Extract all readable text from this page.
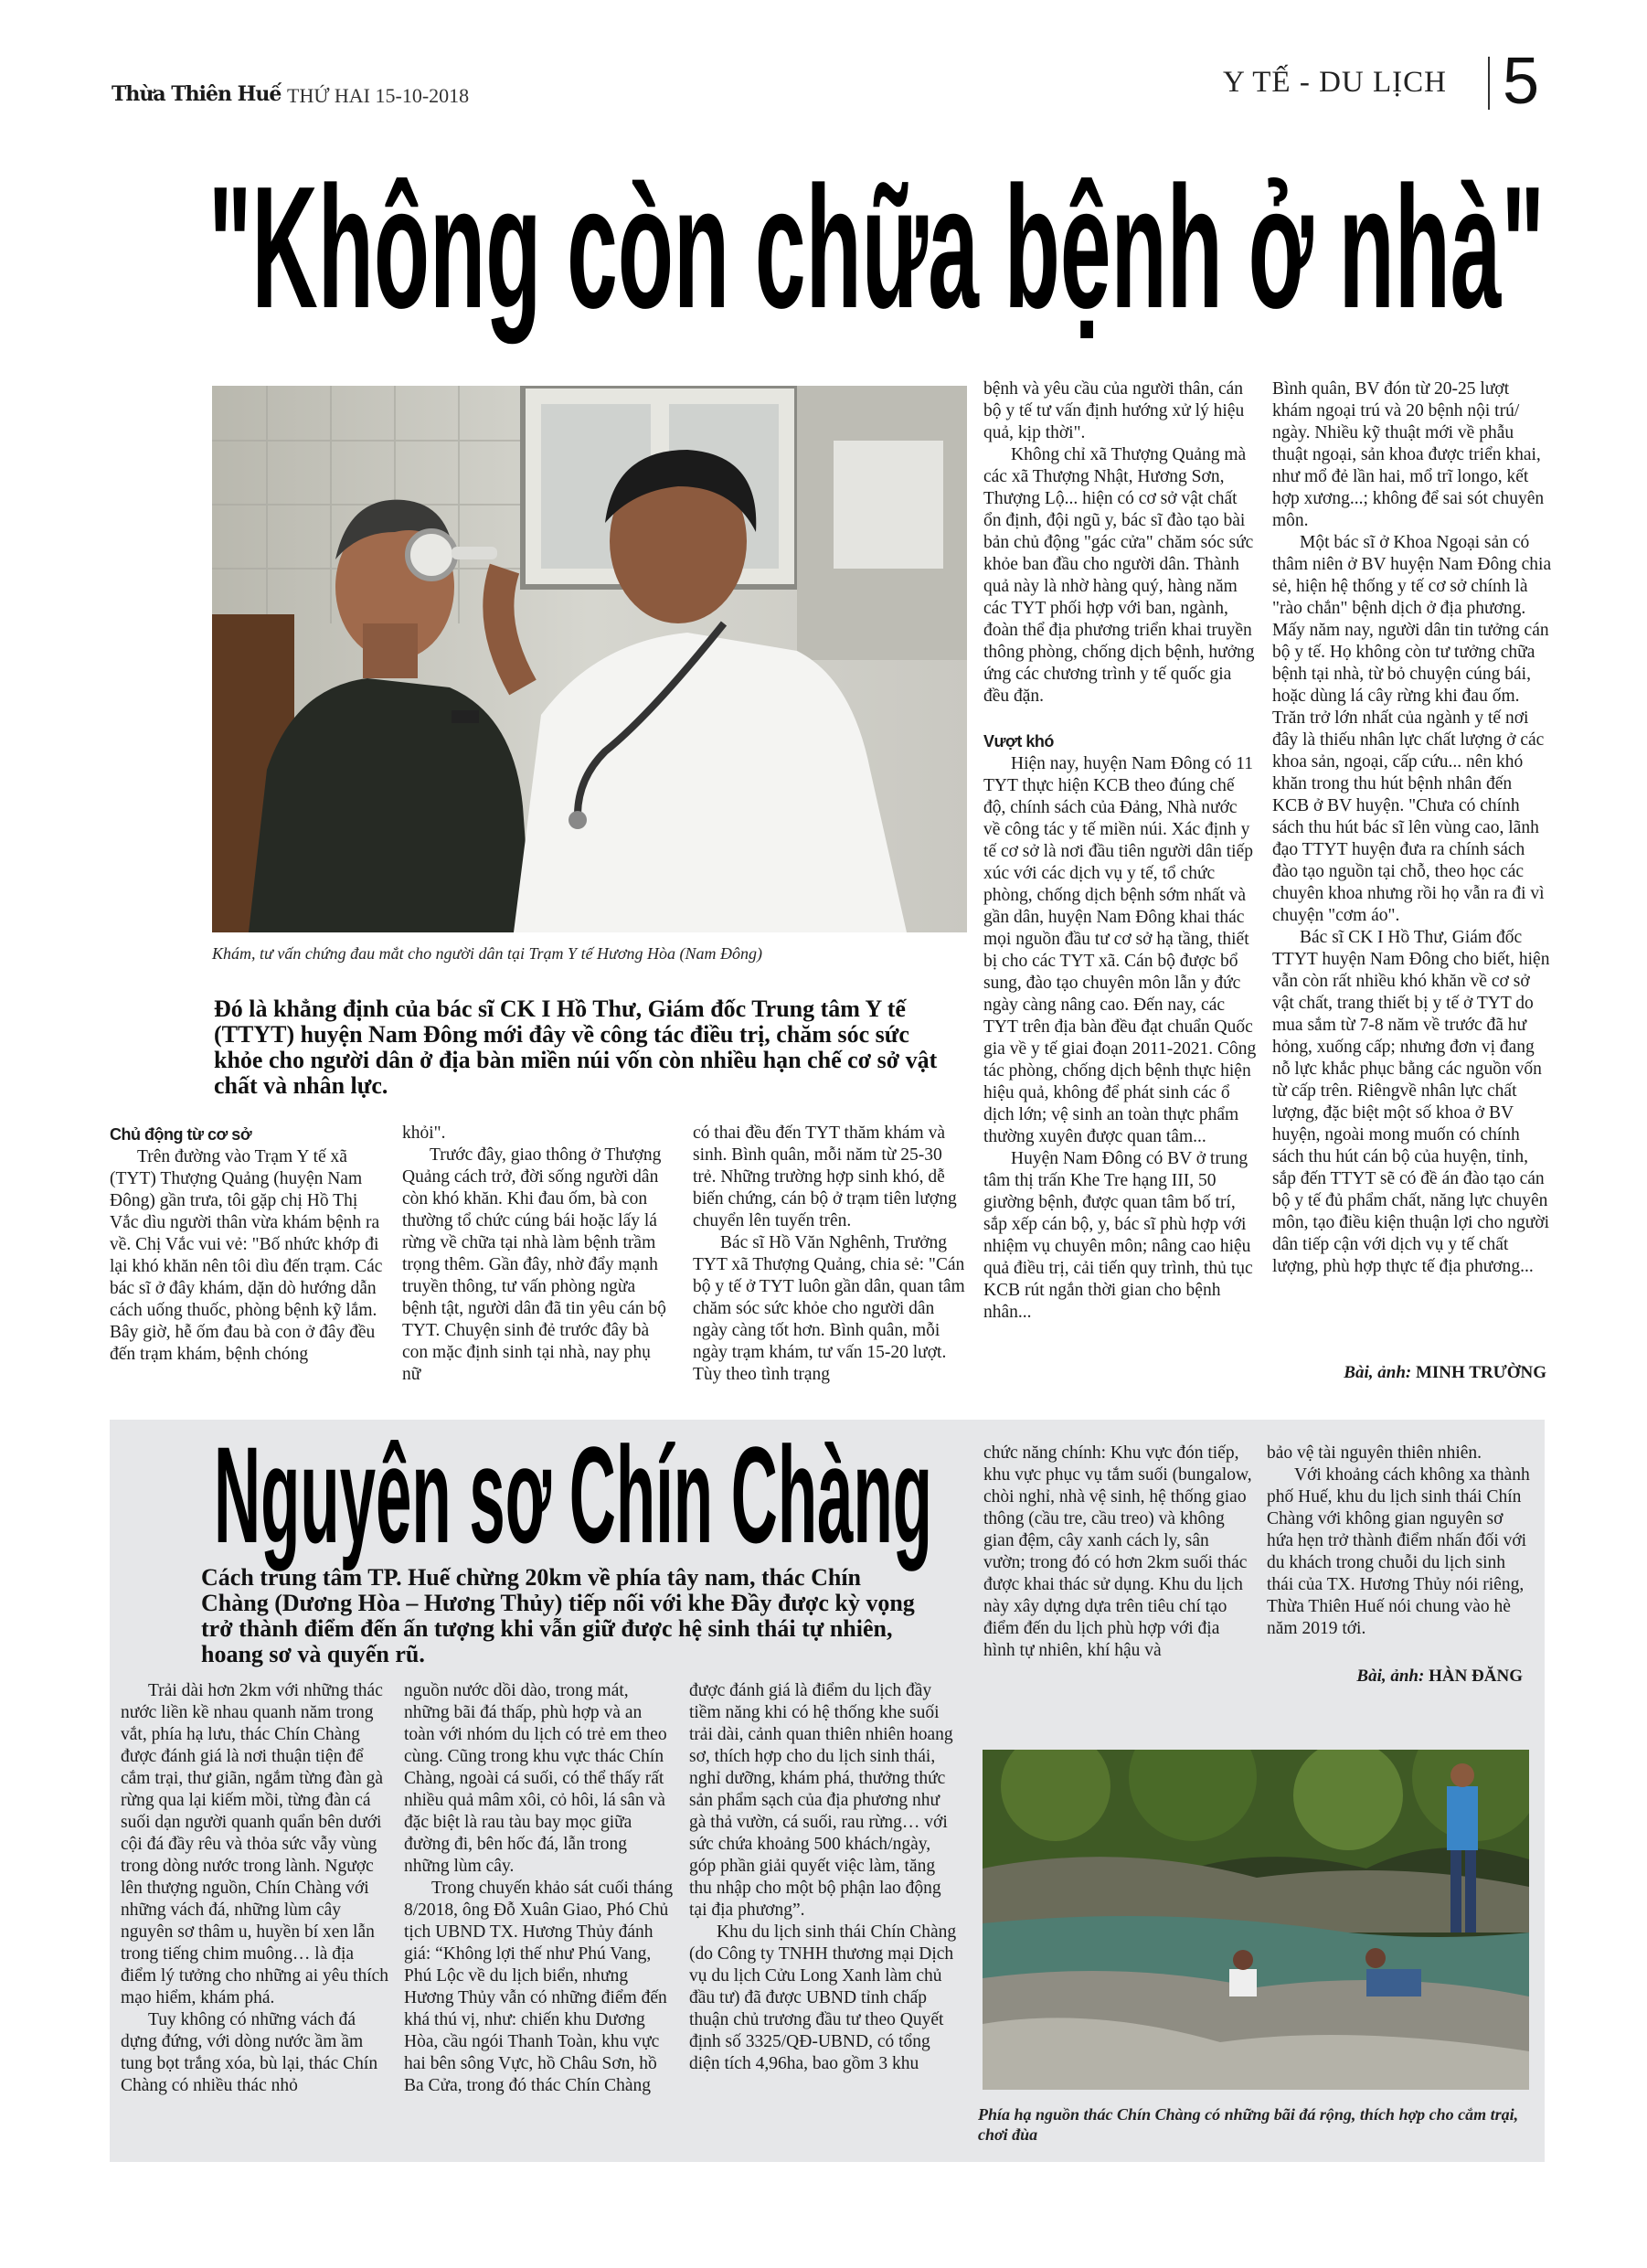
Thừa Thiên Huế THỨ HAI 15-10-2018	Y TẾ - DU LỊCH 5
"Không còn chữa bệnh ở nhà"
Khám, tư vấn chứng đau mắt cho người dân tại Trạm Y tế Hương Hòa (Nam Đông)
Đó là khẳng định của bác sĩ CK I Hồ Thư, Giám đốc Trung tâm Y tế (TTYT) huyện Nam Đông mới đây về công tác điều trị, chăm sóc sức khỏe cho người dân ở địa bàn miền núi vốn còn nhiều hạn chế cơ sở vật chất và nhân lực.
Chủ động từ cơ sở

Trên đường vào Trạm Y tế xã (TYT) Thượng Quảng (huyện Nam Đông) gần trưa, tôi gặp chị Hồ Thị Vắc dìu người thân vừa khám bệnh ra về. Chị Vắc vui vẻ: "Bố nhức khớp đi lại khó khăn nên tôi dìu đến trạm. Các bác sĩ ở đây khám, dặn dò hướng dẫn cách uống thuốc, phòng bệnh kỹ lắm. Bây giờ, hễ ốm đau bà con ở đây đều đến trạm khám, bệnh chóng

khỏi".

Trước đây, giao thông ở Thượng Quảng cách trở, đời sống người dân còn khó khăn. Khi đau ốm, bà con thường tổ chức cúng bái hoặc lấy lá rừng về chữa tại nhà làm bệnh trầm trọng thêm. Gần đây, nhờ đẩy mạnh truyền thông, tư vấn phòng ngừa bệnh tật, người dân đã tin yêu cán bộ TYT. Chuyện sinh đẻ trước đây bà con mặc định sinh tại nhà, nay phụ nữ

có thai đều đến TYT thăm khám và sinh. Bình quân, mỗi năm từ 25-30 trẻ. Những trường hợp sinh khó, dễ biến chứng, cán bộ ở trạm tiên lượng chuyển lên tuyến trên.

Bác sĩ Hồ Văn Nghênh, Trưởng TYT xã Thượng Quảng, chia sẻ: "Cán bộ y tế ở TYT luôn gần dân, quan tâm chăm sóc sức khỏe cho người dân ngày càng tốt hơn. Bình quân, mỗi ngày trạm khám, tư vấn 15-20 lượt. Tùy theo tình trạng

bệnh và yêu cầu của người thân, cán bộ y tế tư vấn định hướng xử lý hiệu quả, kịp thời".

Không chỉ xã Thượng Quảng mà các xã Thượng Nhật, Hương Sơn, Thượng Lộ... hiện có cơ sở vật chất ổn định, đội ngũ y, bác sĩ đào tạo bài bản chủ động "gác cửa" chăm sóc sức khỏe ban đầu cho người dân. Thành quả này là nhờ hàng quý, hàng năm các TYT phối hợp với ban, ngành, đoàn thể địa phương triển khai truyền thông phòng, chống dịch bệnh, hưởng ứng các chương trình y tế quốc gia đều đặn.

Vượt khó

Hiện nay, huyện Nam Đông có 11 TYT thực hiện KCB theo đúng chế độ, chính sách của Đảng, Nhà nước về công tác y tế miền núi. Xác định y tế cơ sở là nơi đầu tiên người dân tiếp xúc với các dịch vụ y tế, tổ chức phòng, chống dịch bệnh sớm nhất và gần dân, huyện Nam Đông khai thác mọi nguồn đầu tư cơ sở hạ tầng, thiết bị cho các TYT xã. Cán bộ được bổ sung, đào tạo chuyên môn lẫn y đức ngày càng nâng cao. Đến nay, các TYT trên địa bàn đều đạt chuẩn Quốc gia về y tế giai đoạn 2011-2021. Công tác phòng, chống dịch bệnh thực hiện hiệu quả, không để phát sinh các ổ dịch lớn; vệ sinh an toàn thực phẩm thường xuyên được quan tâm...

Huyện Nam Đông có BV ở trung tâm thị trấn Khe Tre hạng III, 50 giường bệnh, được quan tâm bố trí, sắp xếp cán bộ, y, bác sĩ phù hợp với nhiệm vụ chuyên môn; nâng cao hiệu quả điều trị, cải tiến quy trình, thủ tục KCB rút ngắn thời gian cho bệnh nhân...

Bình quân, BV đón từ 20-25 lượt khám ngoại trú và 20 bệnh nội trú/ ngày. Nhiều kỹ thuật mới về phẫu thuật ngoại, sản khoa được triển khai, như mổ đẻ lần hai, mổ trĩ longo, kết hợp xương...; không để sai sót chuyên môn.

Một bác sĩ ở Khoa Ngoại sản có thâm niên ở BV huyện Nam Đông chia sẻ, hiện hệ thống y tế cơ sở chính là "rào chắn" bệnh dịch ở địa phương. Mấy năm nay, người dân tin tưởng cán bộ y tế. Họ không còn tư tưởng chữa bệnh tại nhà, từ bỏ chuyện cúng bái, hoặc dùng lá cây rừng khi đau ốm. Trăn trở lớn nhất của ngành y tế nơi đây là thiếu nhân lực chất lượng ở các khoa sản, ngoại, cấp cứu... nên khó khăn trong thu hút bệnh nhân đến KCB ở BV huyện. "Chưa có chính sách thu hút bác sĩ lên vùng cao, lãnh đạo TTYT huyện đưa ra chính sách đào tạo nguồn tại chỗ, theo học các chuyên khoa nhưng rồi họ vẫn ra đi vì chuyện "cơm áo".

Bác sĩ CK I Hồ Thư, Giám đốc TTYT huyện Nam Đông cho biết, hiện vẫn còn rất nhiều khó khăn về cơ sở vật chất, trang thiết bị y tế ở TYT do mua sắm từ 7-8 năm về trước đã hư hỏng, xuống cấp; nhưng đơn vị đang nỗ lực khắc phục bằng các nguồn vốn từ cấp trên. Riêngvề nhân lực chất lượng, đặc biệt một số khoa ở BV huyện, ngoài mong muốn có chính sách thu hút cán bộ của huyện, tỉnh, sắp đến TTYT sẽ có đề án đào tạo cán bộ y tế đủ phẩm chất, năng lực chuyên môn, tạo điều kiện thuận lợi cho người dân tiếp cận với dịch vụ y tế chất lượng, phù hợp thực tế địa phương...

Bài, ảnh: MINH TRƯỜNG
Nguyên sơ Chín Chàng
Cách trung tâm TP. Huế chừng 20km về phía tây nam, thác Chín Chàng (Dương Hòa – Hương Thủy) tiếp nối với khe Đầy được kỳ vọng trở thành điểm đến ấn tượng khi vẫn giữ được hệ sinh thái tự nhiên, hoang sơ và quyến rũ.

Trải dài hơn 2km với những thác nước liền kề nhau quanh năm trong vắt, phía hạ lưu, thác Chín Chàng được đánh giá là nơi thuận tiện để cắm trại, thư giãn, ngắm từng đàn gà rừng qua lại kiếm mồi, từng đàn cá suối dạn người quanh quẩn bên dưới cội đá đầy rêu và thỏa sức vẫy vùng trong dòng nước trong lành. Ngược lên thượng nguồn, Chín Chàng với những vách đá, những lùm cây nguyên sơ thâm u, huyền bí xen lẫn trong tiếng chim muông… là địa điểm lý tưởng cho những ai yêu thích mạo hiểm, khám phá.

Tuy không có những vách đá dựng đứng, với dòng nước ầm ầm tung bọt trắng xóa, bù lại, thác Chín Chàng có nhiều thác nhỏ

nguồn nước dồi dào, trong mát, những bãi đá thấp, phù hợp và an toàn với nhóm du lịch có trẻ em theo cùng. Cũng trong khu vực thác Chín Chàng, ngoài cá suối, có thể thấy rất nhiều quả mâm xôi, cỏ hôi, lá sân và đặc biệt là rau tàu bay mọc giữa đường đi, bên hốc đá, lẫn trong những lùm cây.

Trong chuyến khảo sát cuối tháng 8/2018, ông Đỗ Xuân Giao, Phó Chủ tịch UBND TX. Hương Thủy đánh giá: “Không lợi thế như Phú Vang, Phú Lộc về du lịch biển, nhưng Hương Thủy vẫn có những điểm đến khá thú vị, như: chiến khu Dương Hòa, cầu ngói Thanh Toàn, khu vực hai bên sông Vực, hồ Châu Sơn, hồ Ba Cửa, trong đó thác Chín Chàng

được đánh giá là điểm du lịch đầy tiềm năng khi có hệ thống khe suối trải dài, cảnh quan thiên nhiên hoang sơ, thích hợp cho du lịch sinh thái, nghỉ dưỡng, khám phá, thưởng thức sản phẩm sạch của địa phương như gà thả vườn, cá suối, rau rừng… với sức chứa khoảng 500 khách/ngày, góp phần giải quyết việc làm, tăng thu nhập cho một bộ phận lao động tại địa phương”.

Khu du lịch sinh thái Chín Chàng (do Công ty TNHH thương mại Dịch vụ du lịch Cửu Long Xanh làm chủ đầu tư) đã được UBND tỉnh chấp thuận chủ trương đầu tư theo Quyết định số 3325/QĐ-UBND, có tổng diện tích 4,96ha, bao gồm 3 khu

chức năng chính: Khu vực đón tiếp, khu vực phục vụ tắm suối (bungalow, chòi nghỉ, nhà vệ sinh, hệ thống giao thông (cầu tre, cầu treo) và không gian đệm, cây xanh cách ly, sân vườn; trong đó có hơn 2km suối thác được khai thác sử dụng. Khu du lịch này xây dựng dựa trên tiêu chí tạo điểm đến du lịch phù hợp với địa hình tự nhiên, khí hậu và

bảo vệ tài nguyên thiên nhiên.

Với khoảng cách không xa thành phố Huế, khu du lịch sinh thái Chín Chàng với không gian nguyên sơ hứa hẹn trở thành điểm nhấn đối với du khách trong chuỗi du lịch sinh thái của TX. Hương Thủy nói riêng, Thừa Thiên Huế nói chung vào hè năm 2019 tới.

Bài, ảnh: HÀN ĐĂNG
Phía hạ nguồn thác Chín Chàng có những bãi đá rộng, thích hợp cho cắm trại, chơi đùa
